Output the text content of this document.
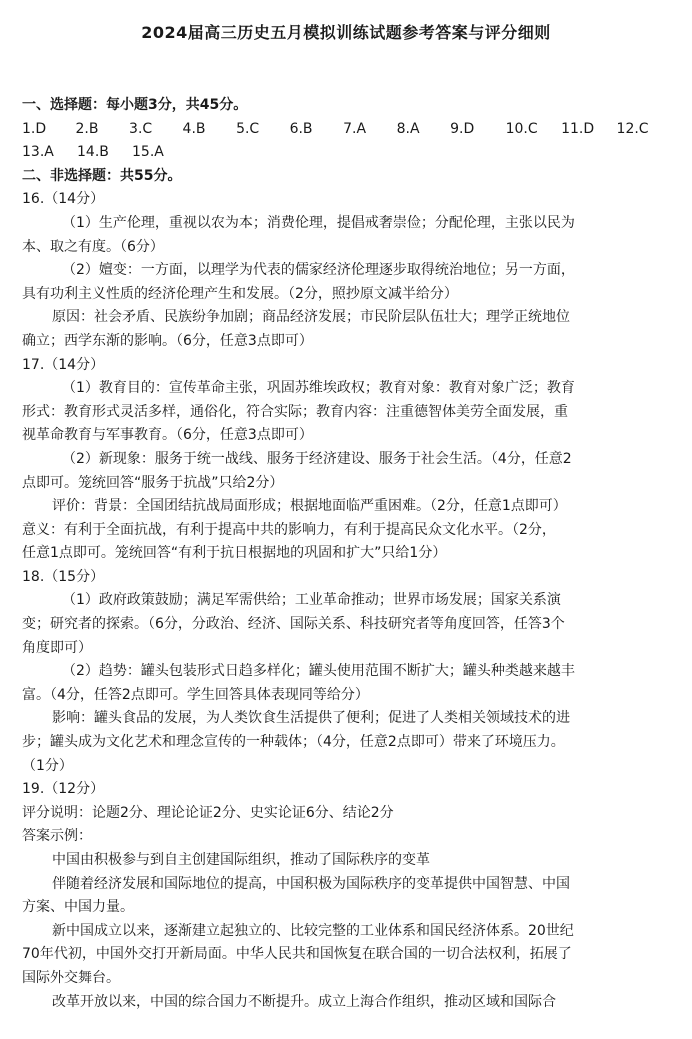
2024届高三历史五月模拟训练试题参考答案与评分细则
一、选择题：每小题3分，共45分。
1.D	2.B	3.C	4.B	5.C	6.B	7.A	8.A	9.D	10.C	11.D	12.C
13.A	14.B	15.A
二、非选择题：共55分。
16.（14分）
（1）生产伦理，重视以农为本；消费伦理，提倡戒奢崇俭；分配伦理，主张以民为
本、取之有度。（6分）
（2）嬗变：一方面，以理学为代表的儒家经济伦理逐步取得统治地位；另一方面，
具有功利主义性质的经济伦理产生和发展。（2分，照抄原文减半给分）
原因：社会矛盾、民族纷争加剧；商品经济发展；市民阶层队伍壮大；理学正统地位
确立；西学东渐的影响。（6分，任意3点即可）
17.（14分）
（1）教育目的：宣传革命主张，巩固苏维埃政权；教育对象：教育对象广泛；教育
形式：教育形式灵活多样，通俗化，符合实际；教育内容：注重德智体美劳全面发展，重
视革命教育与军事教育。（6分，任意3点即可）
（2）新现象：服务于统一战线、服务于经济建设、服务于社会生活。（4分，任意2
点即可。笼统回答“服务于抗战”只给2分）
评价：背景：全国团结抗战局面形成；根据地面临严重困难。（2分，任意1点即可）
意义：有利于全面抗战，有利于提高中共的影响力，有利于提高民众文化水平。（2分，
任意1点即可。笼统回答“有利于抗日根据地的巩固和扩大”只给1分）
18.（15分）
（1）政府政策鼓励；满足军需供给；工业革命推动；世界市场发展；国家关系演
变；研究者的探索。（6分，分政治、经济、国际关系、科技研究者等角度回答，任答3个
角度即可）
（2）趋势：罐头包装形式日趋多样化；罐头使用范围不断扩大；罐头种类越来越丰
富。（4分，任答2点即可。学生回答具体表现同等给分）
影响：罐头食品的发展，为人类饮食生活提供了便利；促进了人类相关领域技术的进
步；罐头成为文化艺术和理念宣传的一种载体；（4分，任意2点即可）带来了环境压力。
（1分）
19.（12分）
评分说明：论题2分、理论论证2分、史实论证6分、结论2分
答案示例：
中国由积极参与到自主创建国际组织，推动了国际秩序的变革
伴随着经济发展和国际地位的提高，中国积极为国际秩序的变革提供中国智慧、中国
方案、中国力量。
新中国成立以来，逐渐建立起独立的、比较完整的工业体系和国民经济体系。20世纪
70年代初，中国外交打开新局面。中华人民共和国恢复在联合国的一切合法权利，拓展了
国际外交舞台。
改革开放以来，中国的综合国力不断提升。成立上海合作组织，推动区域和国际合
